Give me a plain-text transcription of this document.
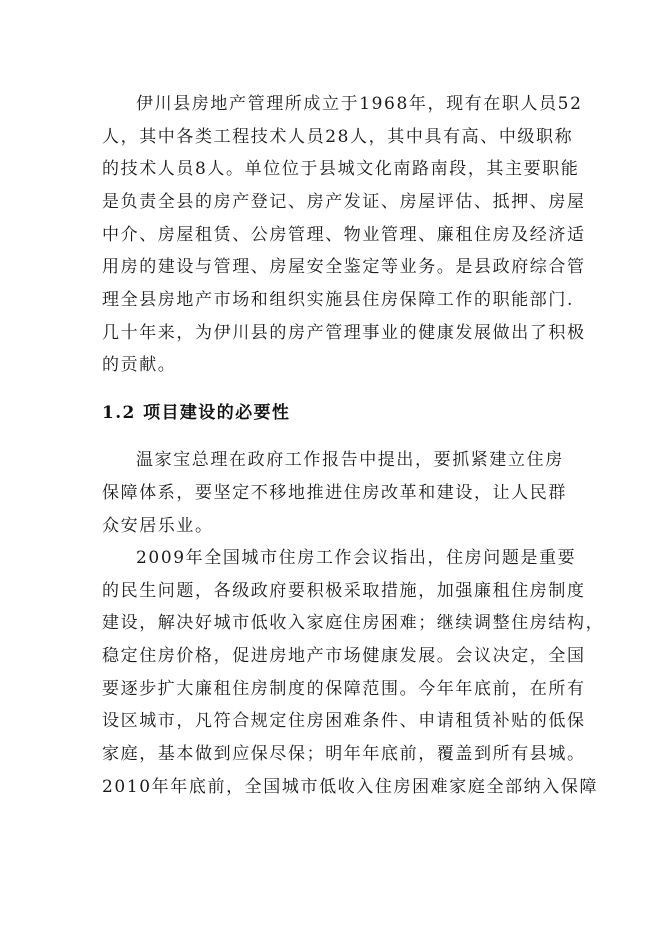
伊川县房地产管理所成立于1968年，现有在职人员52
人，其中各类工程技术人员28人，其中具有高、中级职称
的技术人员8人。单位位于县城文化南路南段，其主要职能
是负责全县的房产登记、房产发证、房屋评估、抵押、房屋
中介、房屋租赁、公房管理、物业管理、廉租住房及经济适
用房的建设与管理、房屋安全鉴定等业务。是县政府综合管
理全县房地产市场和组织实施县住房保障工作的职能部门.
几十年来，为伊川县的房产管理事业的健康发展做出了积极
的贡献。
1.2 项目建设的必要性
温家宝总理在政府工作报告中提出，要抓紧建立住房
保障体系，要坚定不移地推进住房改革和建设，让人民群
众安居乐业。
2009年全国城市住房工作会议指出，住房问题是重要
的民生问题，各级政府要积极采取措施，加强廉租住房制度
建设，解决好城市低收入家庭住房困难；继续调整住房结构，
稳定住房价格，促进房地产市场健康发展。会议决定，全国
要逐步扩大廉租住房制度的保障范围。今年年底前，在所有
设区城市，凡符合规定住房困难条件、申请租赁补贴的低保
家庭，基本做到应保尽保；明年年底前，覆盖到所有县城。
2010年年底前，全国城市低收入住房困难家庭全部纳入保障
